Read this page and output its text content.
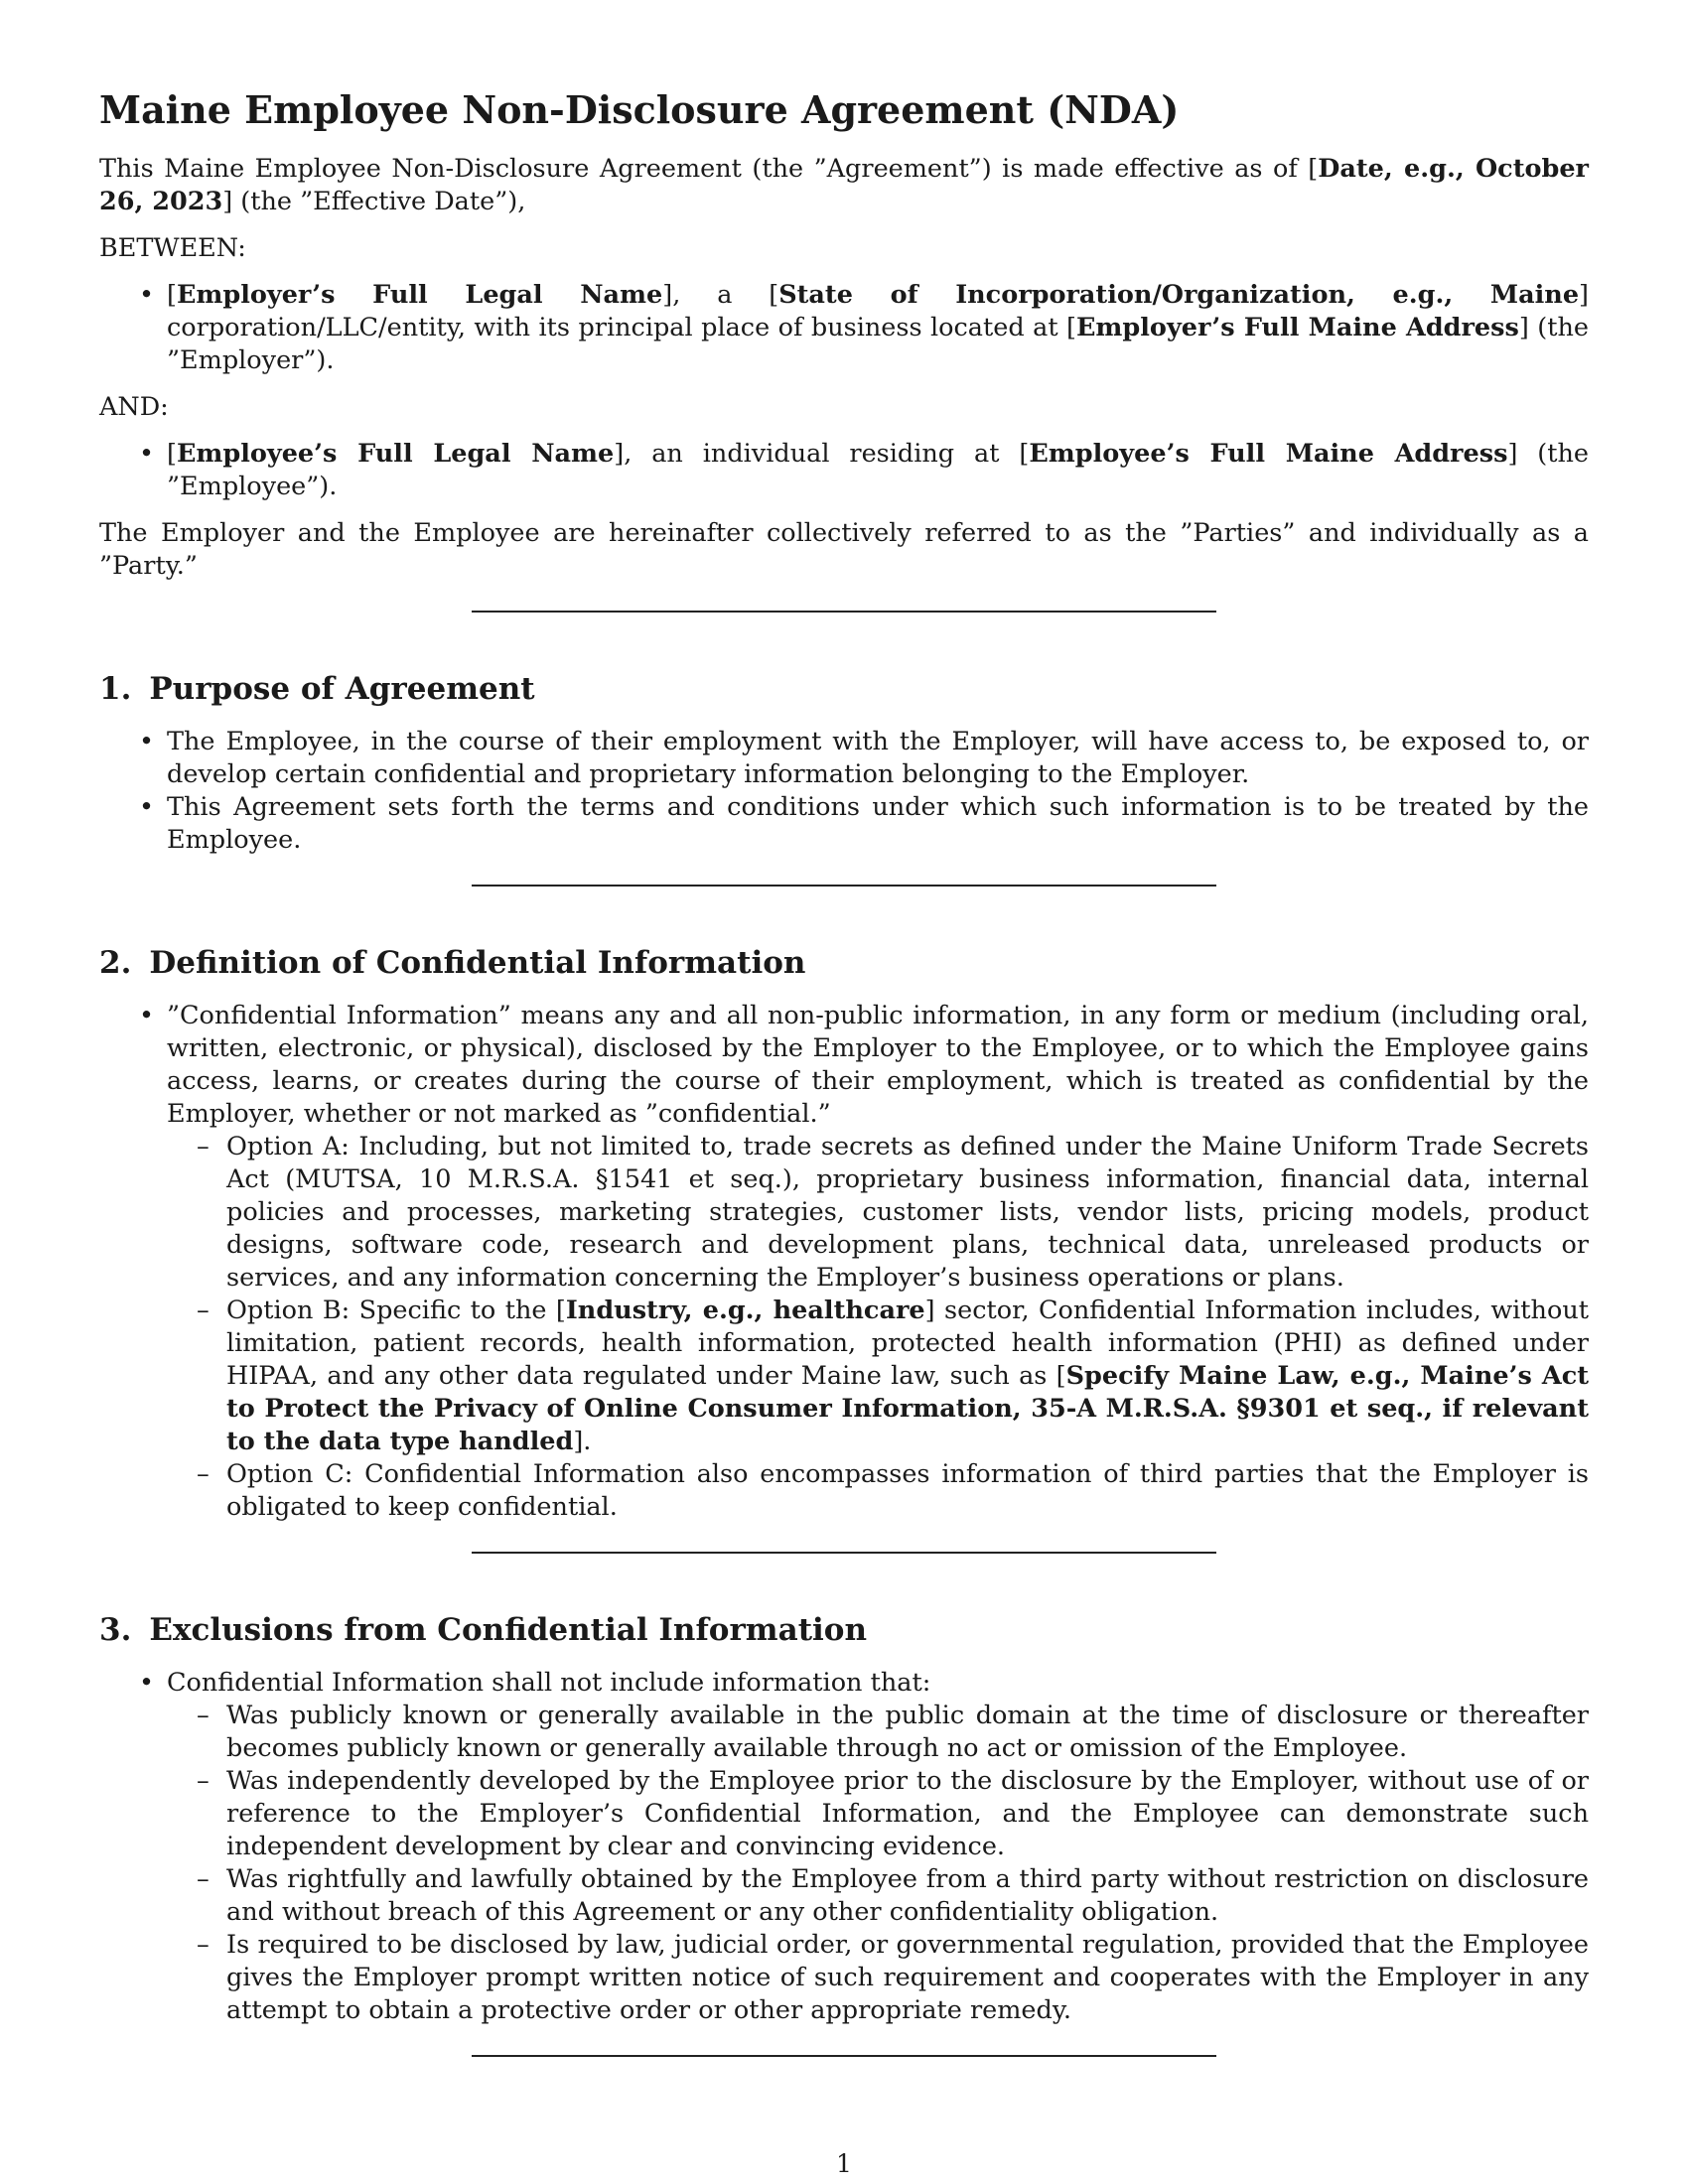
Maine Employee Non-Disclosure Agreement (NDA)

This Maine Employee Non-Disclosure Agreement (the ”Agreement”) is made effective as of [Date, e.g., October 26, 2023] (the ”Effective Date”),

BETWEEN:

• [Employer’s Full Legal Name], a [State of Incorporation/Organization, e.g., Maine] corporation/LLC/entity, with its principal place of business located at [Employer’s Full Maine Address] (the ”Employer”).

AND:

• [Employee’s Full Legal Name], an individual residing at [Employee’s Full Maine Address] (the ”Employee”).

The Employer and the Employee are hereinafter collectively referred to as the ”Parties” and individually as a ”Party.”

1. Purpose of Agreement
• The Employee, in the course of their employment with the Employer, will have access to, be exposed to, or develop certain confidential and proprietary information belonging to the Employer.
• This Agreement sets forth the terms and conditions under which such information is to be treated by the Employee.
2. Definition of Confidential Information
• ”Confidential Information” means any and all non-public information, in any form or medium (including oral, written, electronic, or physical), disclosed by the Employer to the Employee, or to which the Employee gains access, learns, or creates during the course of their employment, which is treated as confidential by the Employer, whether or not marked as ”confidential.”
– Option A: Including, but not limited to, trade secrets as defined under the Maine Uniform Trade Secrets Act (MUTSA, 10 M.R.S.A. §1541 et seq.), proprietary business information, financial data, internal policies and processes, marketing strategies, customer lists, vendor lists, pricing models, product designs, software code, research and development plans, technical data, unreleased products or services, and any information concerning the Employer’s business operations or plans.
– Option B: Specific to the [Industry, e.g., healthcare] sector, Confidential Information includes, without limitation, patient records, health information, protected health information (PHI) as defined under HIPAA, and any other data regulated under Maine law, such as [Specify Maine Law, e.g., Maine’s Act to Protect the Privacy of Online Consumer Information, 35-A M.R.S.A. §9301 et seq., if relevant to the data type handled].
– Option C: Confidential Information also encompasses information of third parties that the Employer is obligated to keep confidential.
3. Exclusions from Confidential Information
• Confidential Information shall not include information that:
– Was publicly known or generally available in the public domain at the time of disclosure or thereafter becomes publicly known or generally available through no act or omission of the Employee.
– Was independently developed by the Employee prior to the disclosure by the Employer, without use of or reference to the Employer’s Confidential Information, and the Employee can demonstrate such independent development by clear and convincing evidence.
– Was rightfully and lawfully obtained by the Employee from a third party without restriction on disclosure and without breach of this Agreement or any other confidentiality obligation.
– Is required to be disclosed by law, judicial order, or governmental regulation, provided that the Employee gives the Employer prompt written notice of such requirement and cooperates with the Employer in any attempt to obtain a protective order or other appropriate remedy.
1
